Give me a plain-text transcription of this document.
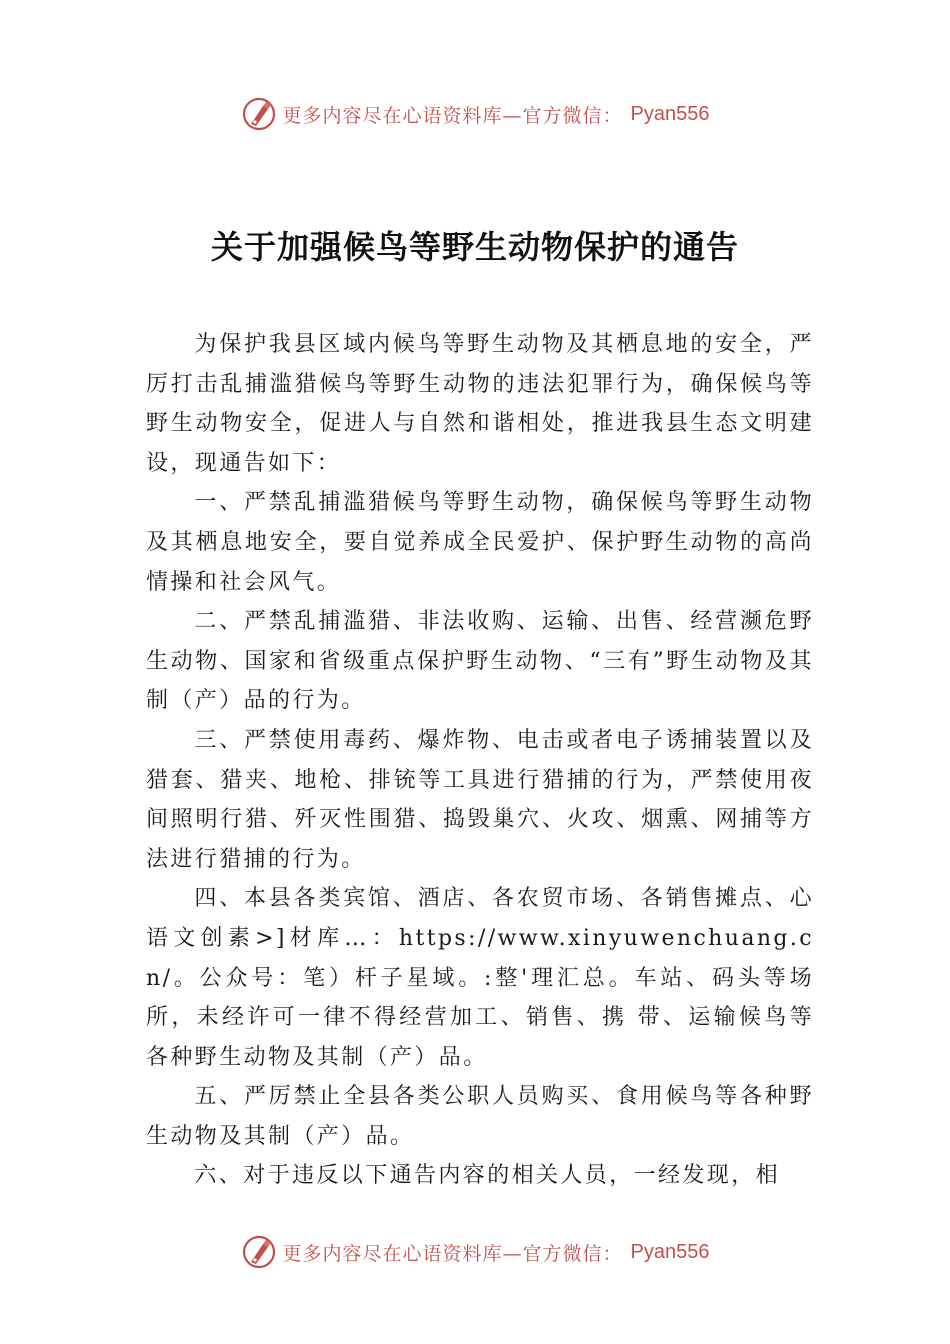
更多内容尽在心语资料库—官方微信： Pyan556
关于加强候鸟等野生动物保护的通告

为保护我县区域内候鸟等野生动物及其栖息地的安全，严厉打击乱捕滥猎候鸟等野生动物的违法犯罪行为，确保候鸟等野生动物安全，促进人与自然和谐相处，推进我县生态文明建设，现通告如下：

一、严禁乱捕滥猎候鸟等野生动物，确保候鸟等野生动物及其栖息地安全，要自觉养成全民爱护、保护野生动物的高尚情操和社会风气。

二、严禁乱捕滥猎、非法收购、运输、出售、经营濒危野生动物、国家和省级重点保护野生动物、“三有”野生动物及其制（产）品的行为。

三、严禁使用毒药、爆炸物、电击或者电子诱捕装置以及猎套、猎夹、地枪、排铳等工具进行猎捕的行为，严禁使用夜间照明行猎、歼灭性围猎、捣毁巢穴、火攻、烟熏、网捕等方法进行猎捕的行为。

四、本县各类宾馆、酒店、各农贸市场、各销售摊点、心语文创素>]材库…：https://www.xinyuwenchuang.cn/。公众号：笔）杆子星域。:整'理汇总。车站、码头等场所，未经许可一律不得经营加工、销售、携 带、运输候鸟等各种野生动物及其制（产）品。

五、严厉禁止全县各类公职人员购买、食用候鸟等各种野生动物及其制（产）品。

六、对于违反以下通告内容的相关人员，一经发现，相

更多内容尽在心语资料库—官方微信： Pyan556
